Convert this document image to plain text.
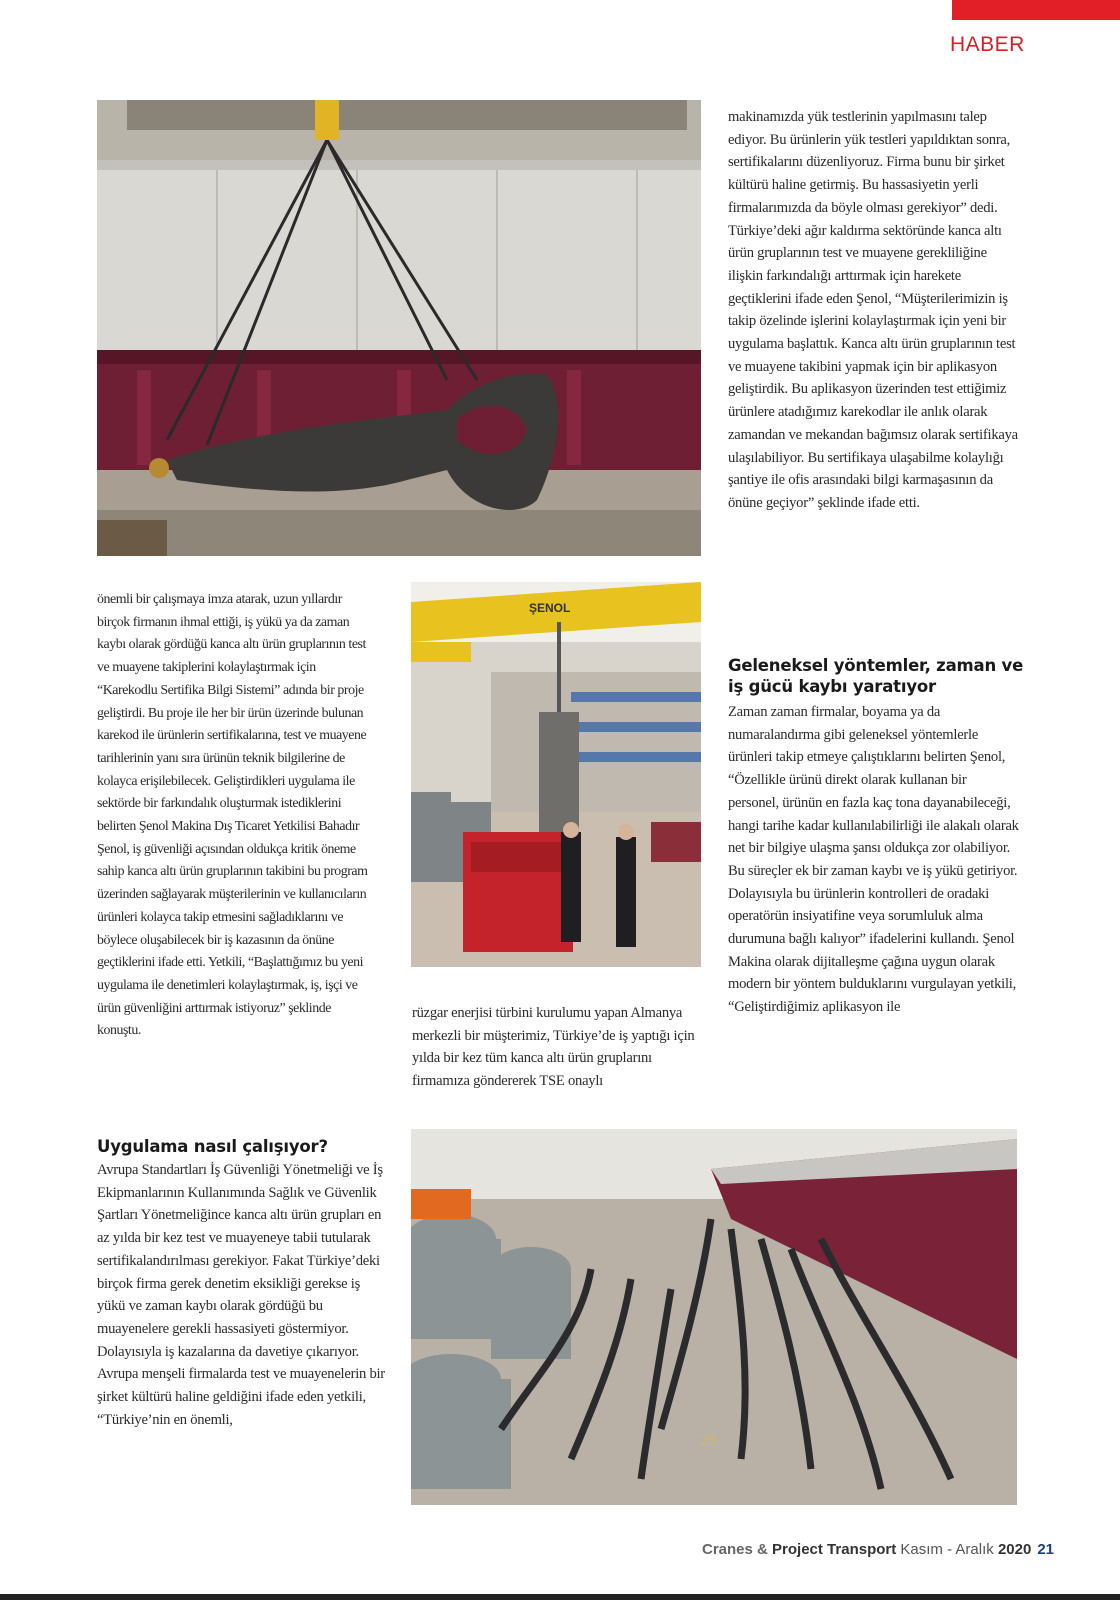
HABER

makinamızda yük testlerinin yapılmasını talep ediyor. Bu ürünlerin yük testleri yapıldıktan sonra, sertifikalarını düzenliyoruz. Firma bunu bir şirket kültürü haline getirmiş. Bu hassasiyetin yerli firmalarımızda da böyle olması gerekiyor” dedi. Türkiye’deki ağır kaldırma sektöründe kanca altı ürün gruplarının test ve muayene gerekliliğine ilişkin farkındalığı arttırmak için harekete geçtiklerini ifade eden Şenol, “Müşterilerimizin iş takip özelinde işlerini kolaylaştırmak için yeni bir uygulama başlattık. Kanca altı ürün gruplarının test ve muayene takibini yapmak için bir aplikasyon geliştirdik. Bu aplikasyon üzerinden test ettiğimiz ürünlere atadığımız karekodlar ile anlık olarak zamandan ve mekandan bağımsız olarak sertifikaya ulaşılabiliyor. Bu sertifikaya ulaşabilme kolaylığı şantiye ile ofis arasındaki bilgi karmaşasının da önüne geçiyor” şeklinde ifade etti.

Geleneksel yöntemler, zaman ve iş gücü kaybı yaratıyor

Zaman zaman firmalar, boyama ya da numaralandırma gibi geleneksel yöntemlerle ürünleri takip etmeye çalıştıklarını belirten Şenol, “Özellikle ürünü direkt olarak kullanan bir personel, ürünün en fazla kaç tona dayanabileceği, hangi tarihe kadar kullanılabilirliği ile alakalı olarak net bir bilgiye ulaşma şansı oldukça zor olabiliyor. Bu süreçler ek bir zaman kaybı ve iş yükü getiriyor. Dolayısıyla bu ürünlerin kontrolleri de oradaki operatörün insiyatifine veya sorumluluk alma durumuna bağlı kalıyor” ifadelerini kullandı. Şenol Makina olarak dijitalleşme çağına uygun olarak modern bir yöntem bulduklarını vurgulayan yetkili, “Geliştirdiğimiz aplikasyon ile

önemli bir çalışmaya imza atarak, uzun yıllardır birçok firmanın ihmal ettiği, iş yükü ya da zaman kaybı olarak gördüğü kanca altı ürün gruplarının test ve muayene takiplerini kolaylaştırmak için “Karekodlu Sertifika Bilgi Sistemi” adında bir proje geliştirdi. Bu proje ile her bir ürün üzerinde bulunan karekod ile ürünlerin sertifikalarına, test ve muayene tarihlerinin yanı sıra ürünün teknik bilgilerine de kolayca erişilebilecek. Geliştirdikleri uygulama ile sektörde bir farkındalık oluşturmak istediklerini belirten Şenol Makina Dış Ticaret Yetkilisi Bahadır Şenol, iş güvenliği açısından oldukça kritik öneme sahip kanca altı ürün gruplarının takibini bu program üzerinden sağlayarak müşterilerinin ve kullanıcıların ürünleri kolayca takip etmesini sağladıklarını ve böylece oluşabilecek bir iş kazasının da önüne geçtiklerini ifade etti. Yetkili, “Başlattığımız bu yeni uygulama ile denetimleri kolaylaştırmak, iş, işçi ve ürün güvenliğini arttırmak istiyoruz” şeklinde konuştu.

ŞENOL

rüzgar enerjisi türbini kurulumu yapan Almanya merkezli bir müşterimiz, Türkiye’de iş yaptığı için yılda bir kez tüm kanca altı ürün gruplarını firmamıza göndererek TSE onaylı

Uygulama nasıl çalışıyor?

Avrupa Standartları İş Güvenliği Yönetmeliği ve İş Ekipmanlarının Kullanımında Sağlık ve Güvenlik Şartları Yönetmeliğince kanca altı ürün grupları en az yılda bir kez test ve muayeneye tabii tutularak sertifikalandırılması gerekiyor. Fakat Türkiye’deki birçok firma gerek denetim eksikliği gerekse iş yükü ve zaman kaybı olarak gördüğü bu muayenelere gerekli hassasiyeti göstermiyor. Dolayısıyla iş kazalarına da davetiye çıkarıyor. Avrupa menşeli firmalarda test ve muayenelerin bir şirket kültürü haline geldiğini ifade eden yetkili, “Türkiye’nin en önemli,

25
Cranes & Project Transport Kasım - Aralık 2020 21
